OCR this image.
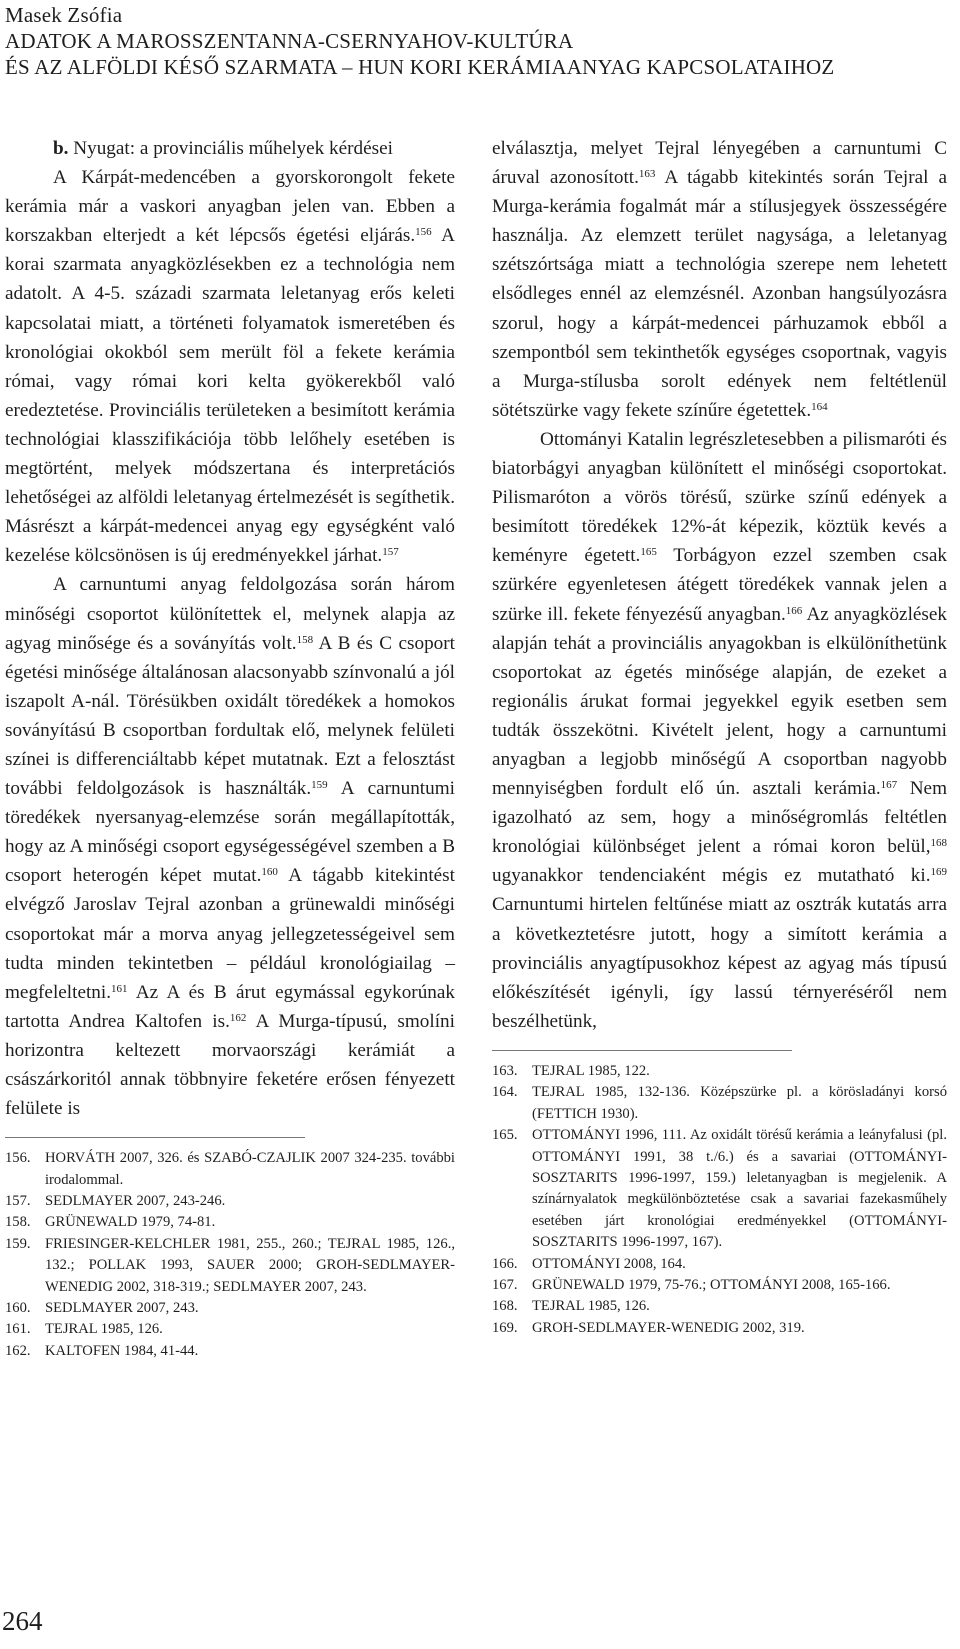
Masek Zsófia
ADATOK A MAROSSZENTANNA-CSERNYAHOV-KULTÚRA
ÉS AZ ALFÖLDI KÉSŐ SZARMATA – HUN KORI KERÁMIAANYAG KAPCSOLATAIHOZ

b. Nyugat: a provinciális műhelyek kérdései

A Kárpát-medencében a gyorskorongolt fekete kerámia már a vaskori anyagban jelen van. Ebben a korszakban elterjedt a két lépcsős égetési eljárás.$^{156}$ A korai szarmata anyagközlésekben ez a technológia nem adatolt. A 4-5. századi szarmata leletanyag erős keleti kapcsolatai miatt, a történeti folyamatok ismeretében és kronológiai okokból sem merült föl a fekete kerámia római, vagy római kori kelta gyökerekből való eredeztetése. Provinciális területeken a besimított kerámia technológiai klasszifikációja több lelőhely esetében is megtörtént, melyek módszertana és interpretációs lehetőségei az alföldi leletanyag értelmezését is segíthetik. Másrészt a kárpát-medencei anyag egy egységként való kezelése kölcsönösen is új eredményekkel járhat.$^{157}$

A carnuntumi anyag feldolgozása során három minőségi csoportot különítettek el, melynek alapja az agyag minősége és a soványítás volt.$^{158}$ A B és C csoport égetési minősége általánosan alacsonyabb színvonalú a jól iszapolt A-nál. Törésükben oxidált töredékek a homokos soványítású B csoportban fordultak elő, melynek felületi színei is differenciáltabb képet mutatnak. Ezt a felosztást további feldolgozások is használták.$^{159}$ A carnuntumi töredékek nyersanyag-elemzése során megállapították, hogy az A minőségi csoport egységességével szemben a B csoport heterogén képet mutat.$^{160}$ A tágabb kitekintést elvégző Jaroslav Tejral azonban a grünewaldi minőségi csoportokat már a morva anyag jellegzetességeivel sem tudta minden tekintetben – például kronológiailag – megfeleltetni.$^{161}$ Az A és B árut egymással egykorúnak tartotta Andrea Kaltofen is.$^{162}$ A Murga-típusú, smolíni horizontra keltezett morvaországi kerámiát a császárkoritól annak többnyire feketére erősen fényezett felülete is

156. HORVÁTH 2007, 326. és SZABÓ-CZAJLIK 2007 324-235. további irodalommal.
157. SEDLMAYER 2007, 243-246.
158. GRÜNEWALD 1979, 74-81.
159. FRIESINGER-KELCHLER 1981, 255., 260.; TEJRAL 1985, 126., 132.; POLLAK 1993, SAUER 2000; GROH-SEDLMAYER-WENEDIG 2002, 318-319.; SEDLMAYER 2007, 243.
160. SEDLMAYER 2007, 243.
161. TEJRAL 1985, 126.
162. KALTOFEN 1984, 41-44.

elválasztja, melyet Tejral lényegében a carnuntumi C áruval azonosított.$^{163}$ A tágabb kitekintés során Tejral a Murga-kerámia fogalmát már a stílusjegyek összességére használja. Az elemzett terület nagysága, a leletanyag szétszórtsága miatt a technológia szerepe nem lehetett elsődleges ennél az elemzésnél. Azonban hangsúlyozásra szorul, hogy a kárpát-medencei párhuzamok ebből a szempontból sem tekinthetők egységes csoportnak, vagyis a Murga-stílusba sorolt edények nem feltétlenül sötétszürke vagy fekete színűre égetettek.$^{164}$

Ottományi Katalin legrészletesebben a pilismaróti és biatorbágyi anyagban különített el minőségi csoportokat. Pilismaróton a vörös törésű, szürke színű edények a besimított töredékek 12%-át képezik, köztük kevés a keményre égetett.$^{165}$ Torbágyon ezzel szemben csak szürkére egyenletesen átégett töredékek vannak jelen a szürke ill. fekete fényezésű anyagban.$^{166}$ Az anyagközlések alapján tehát a provinciális anyagokban is elkülöníthetünk csoportokat az égetés minősége alapján, de ezeket a regionális árukat formai jegyekkel egyik esetben sem tudták összekötni. Kivételt jelent, hogy a carnuntumi anyagban a legjobb minőségű A csoportban nagyobb mennyiségben fordult elő ún. asztali kerámia.$^{167}$ Nem igazolható az sem, hogy a minőségromlás feltétlen kronológiai különbséget jelent a római koron belül,$^{168}$ ugyanakkor tendenciaként mégis ez mutatható ki.$^{169}$ Carnuntumi hirtelen feltűnése miatt az osztrák kutatás arra a következtetésre jutott, hogy a simított kerámia a provinciális anyagtípusokhoz képest az agyag más típusú előkészítését igényli, így lassú térnyeréséről nem beszélhetünk,

163. TEJRAL 1985, 122.
164. TEJRAL 1985, 132-136. Középszürke pl. a körösladányi korsó (FETTICH 1930).
165. OTTOMÁNYI 1996, 111. Az oxidált törésű kerámia a leányfalusi (pl. OTTOMÁNYI 1991, 38 t./6.) és a savariai (OTTOMÁNYI-SOSZTARITS 1996-1997, 159.) leletanyagban is megjelenik. A színárnyalatok megkülönböztetése csak a savariai fazekasműhely esetében járt kronológiai eredményekkel (OTTOMÁNYI-SOSZTARITS 1996-1997, 167).
166. OTTOMÁNYI 2008, 164.
167. GRÜNEWALD 1979, 75-76.; OTTOMÁNYI 2008, 165-166.
168. TEJRAL 1985, 126.
169. GROH-SEDLMAYER-WENEDIG 2002, 319.
264
